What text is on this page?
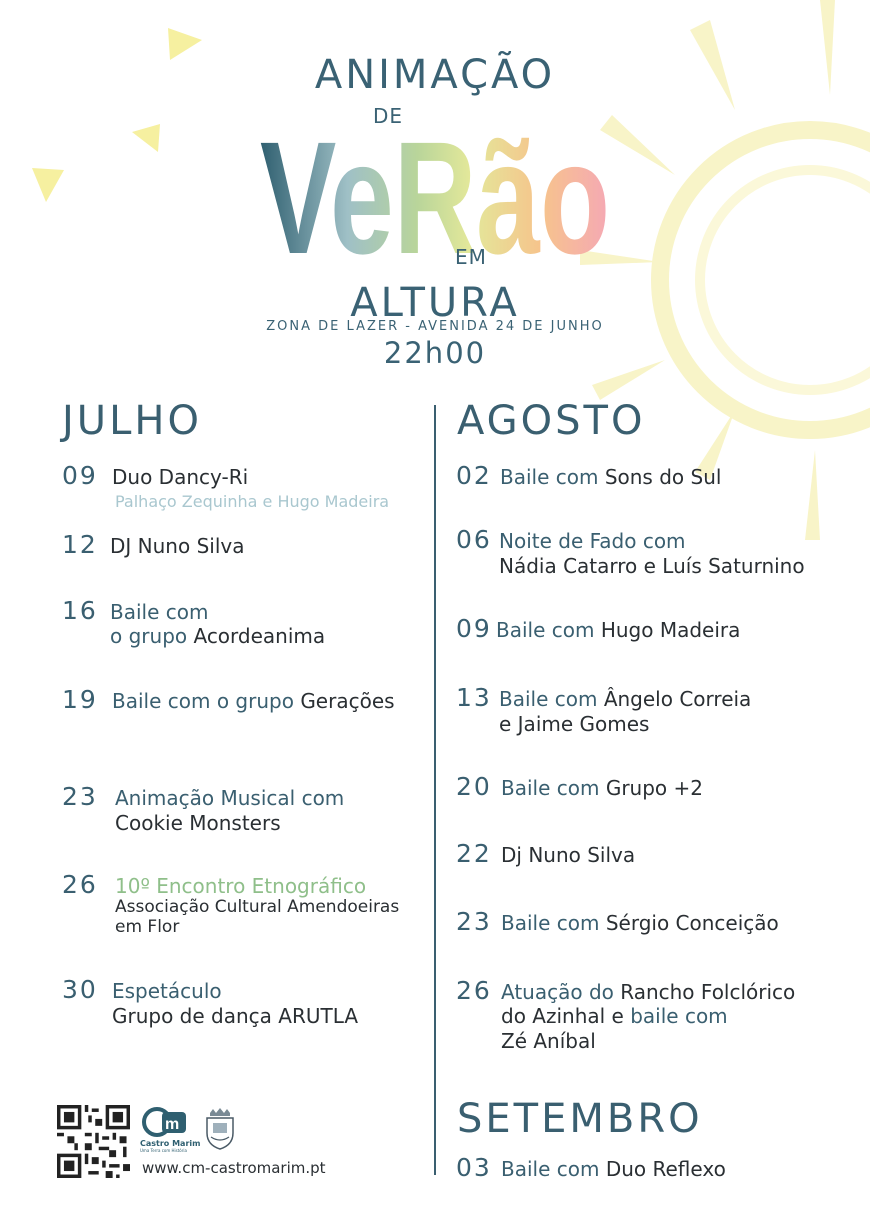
ANIMAÇÃO
DE
VeRão
EM
ALTURA
ZONA DE LAZER - AVENIDA 24 DE JUNHO
22h00
JULHO
09 Duo Dancy-Ri
Palhaço Zequinha e Hugo Madeira
12 DJ Nuno Silva
16 Baile com
o grupo Acordeanima
19 Baile com o grupo Gerações
23 Animação Musical com
Cookie Monsters
26 10º Encontro Etnográfico
Associação Cultural Amendoeiras
em Flor
30 Espetáculo
Grupo de dança ARUTLA
AGOSTO
02 Baile com Sons do Sul
06 Noite de Fado com
Nádia Catarro e Luís Saturnino
09 Baile com Hugo Madeira
13 Baile com Ângelo Correia
e Jaime Gomes
20 Baile com Grupo +2
22 Dj Nuno Silva
23 Baile com Sérgio Conceição
26 Atuação do Rancho Folclórico
do Azinhal e baile com
Zé Aníbal
SETEMBRO
03 Baile com Duo Reflexo
m
Castro Marim
Uma Terra com História
www.cm-castromarim.pt
